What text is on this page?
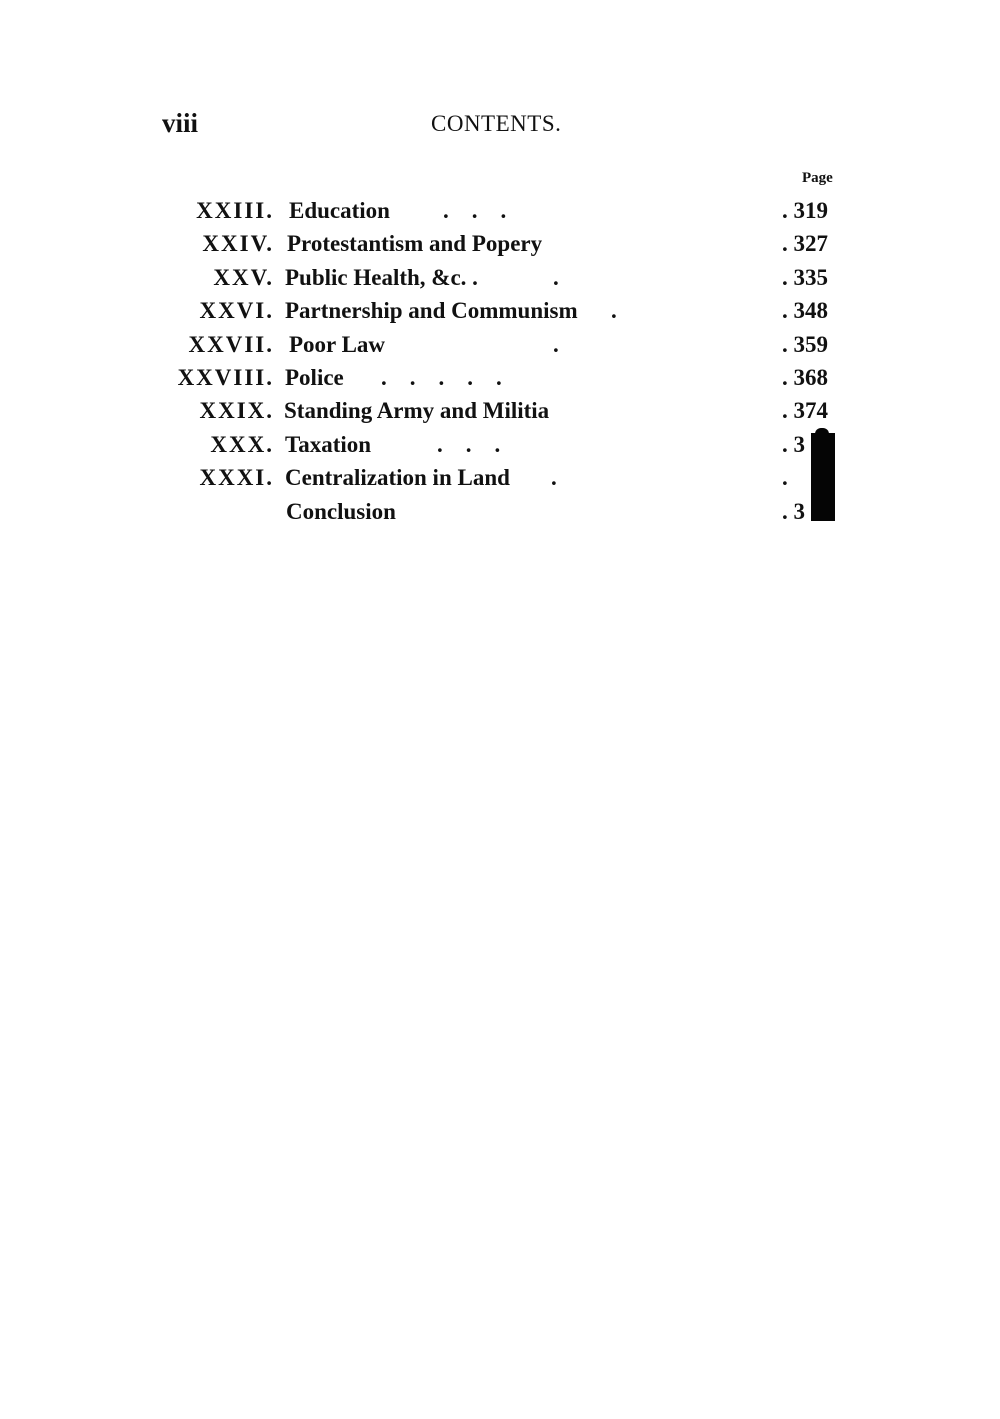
viii	CONTENTS.
Page
XXIII. Education .    .    .	. 319
XXIV. Protestantism and Popery	. 327
XXV. Public Health, &c. .	.	. 335
XXVI. Partnership and Communism .	. 348
XXVII. Poor Law	.	. 359
XXVIII. Police .    .    .    .    .	. 368
XXIX. Standing Army and Militia	. 374
XXX. Taxation	.    .    .	. 3
XXXI. Centralization in Land .	.
Conclusion	. 3
